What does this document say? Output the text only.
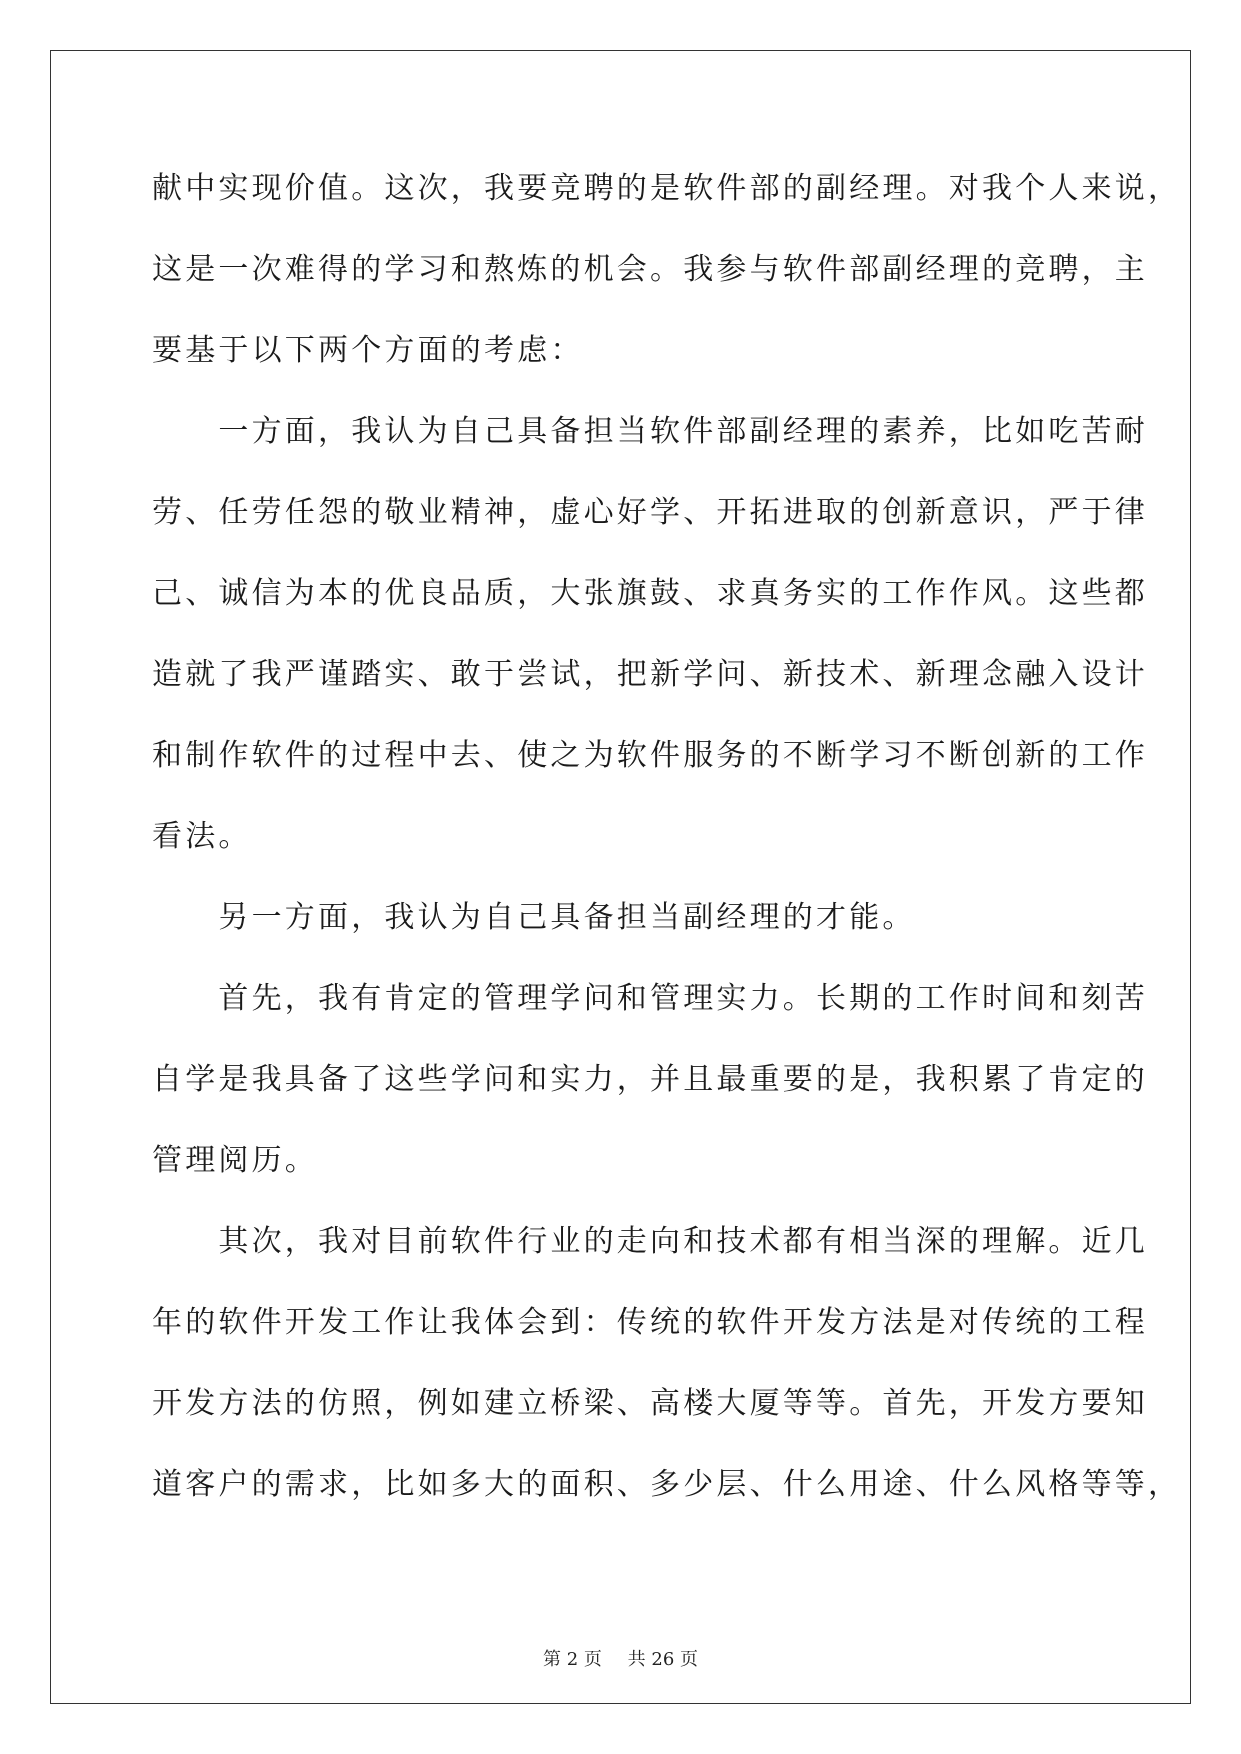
献中实现价值。这次，我要竞聘的是软件部的副经理。对我个人来说，
这是一次难得的学习和熬炼的机会。我参与软件部副经理的竞聘，主
要基于以下两个方面的考虑：
　　一方面，我认为自己具备担当软件部副经理的素养，比如吃苦耐
劳、任劳任怨的敬业精神，虚心好学、开拓进取的创新意识，严于律
己、诚信为本的优良品质，大张旗鼓、求真务实的工作作风。这些都
造就了我严谨踏实、敢于尝试，把新学问、新技术、新理念融入设计
和制作软件的过程中去、使之为软件服务的不断学习不断创新的工作
看法。
　　另一方面，我认为自己具备担当副经理的才能。
　　首先，我有肯定的管理学问和管理实力。长期的工作时间和刻苦
自学是我具备了这些学问和实力，并且最重要的是，我积累了肯定的
管理阅历。
　　其次，我对目前软件行业的走向和技术都有相当深的理解。近几
年的软件开发工作让我体会到：传统的软件开发方法是对传统的工程
开发方法的仿照，例如建立桥梁、高楼大厦等等。首先，开发方要知
道客户的需求，比如多大的面积、多少层、什么用途、什么风格等等，
第 2 页 共 26 页
